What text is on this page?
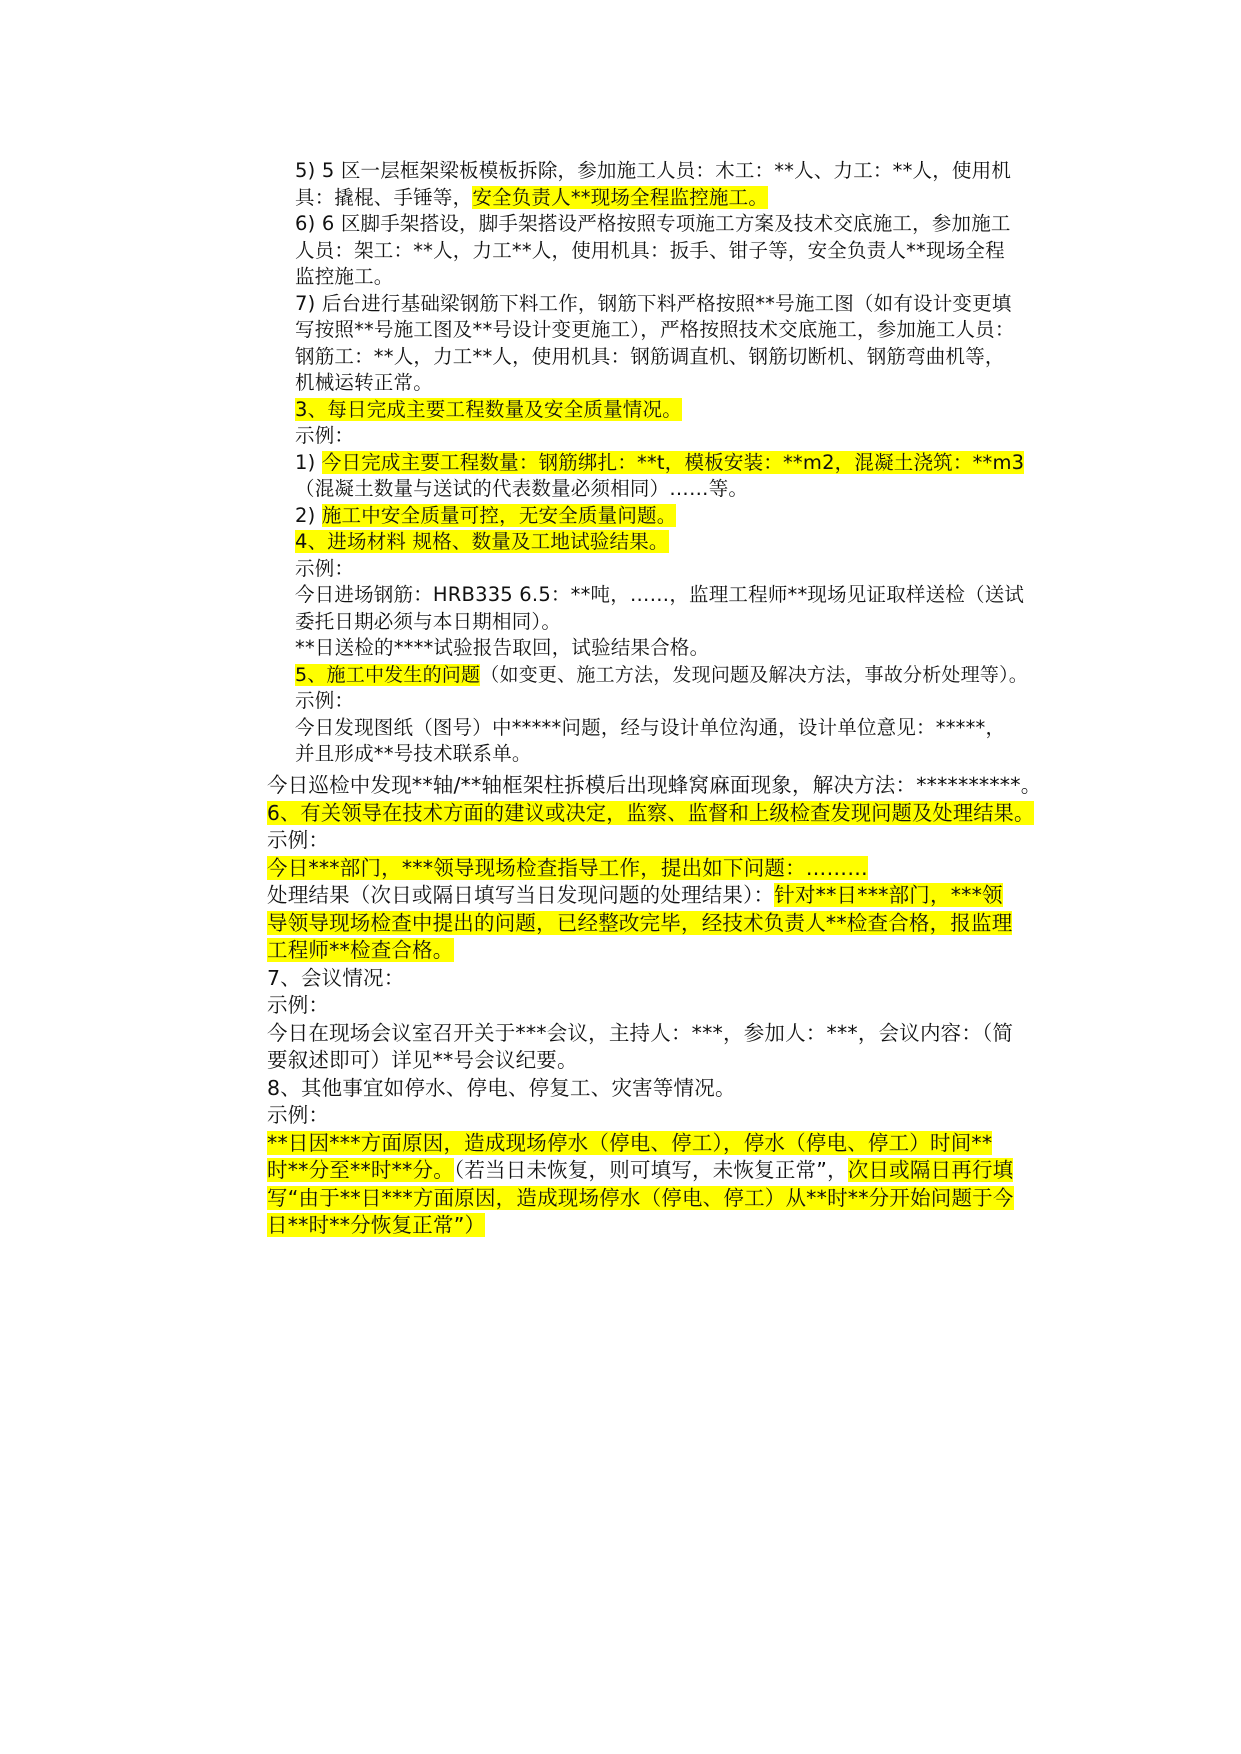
5) 5 区一层框架梁板模板拆除，参加施工人员：木工：**人、力工：**人，使用机
具：撬棍、手锤等，安全负责人**现场全程监控施工。
6) 6 区脚手架搭设，脚手架搭设严格按照专项施工方案及技术交底施工，参加施工
人员：架工：**人，力工**人，使用机具：扳手、钳子等，安全负责人**现场全程
监控施工。
7) 后台进行基础梁钢筋下料工作，钢筋下料严格按照**号施工图（如有设计变更填
写按照**号施工图及**号设计变更施工），严格按照技术交底施工，参加施工人员：
钢筋工：**人，力工**人，使用机具：钢筋调直机、钢筋切断机、钢筋弯曲机等，
机械运转正常。
3、每日完成主要工程数量及安全质量情况。
示例：
1) 今日完成主要工程数量：钢筋绑扎：**t，模板安装：**m2，混凝土浇筑：**m3
（混凝土数量与送试的代表数量必须相同）……等。
2) 施工中安全质量可控，无安全质量问题。
4、进场材料 规格、数量及工地试验结果。
示例：
今日进场钢筋：HRB335 6.5：**吨，……，监理工程师**现场见证取样送检（送试
委托日期必须与本日期相同）。
**日送检的****试验报告取回，试验结果合格。
5、施工中发生的问题（如变更、施工方法，发现问题及解决方法，事故分析处理等）。
示例：
今日发现图纸（图号）中*****问题，经与设计单位沟通，设计单位意见：*****，
并且形成**号技术联系单。
今日巡检中发现**轴/**轴框架柱拆模后出现蜂窝麻面现象，解决方法：**********。
6、有关领导在技术方面的建议或决定，监察、监督和上级检查发现问题及处理结果。
示例：
今日***部门，***领导现场检查指导工作，提出如下问题：………
处理结果（次日或隔日填写当日发现问题的处理结果）：针对**日***部门，***领
导领导现场检查中提出的问题，已经整改完毕，经技术负责人**检查合格，报监理
工程师**检查合格。
7、会议情况：
示例：
今日在现场会议室召开关于***会议，主持人：***，参加人：***，会议内容：（简
要叙述即可）详见**号会议纪要。
8、其他事宜如停水、停电、停复工、灾害等情况。
示例：
**日因***方面原因，造成现场停水（停电、停工），停水（停电、停工）时间**
时**分至**时**分。（若当日未恢复，则可填写，未恢复正常”，次日或隔日再行填
写“由于**日***方面原因，造成现场停水（停电、停工）从**时**分开始问题于今
日**时**分恢复正常”）
